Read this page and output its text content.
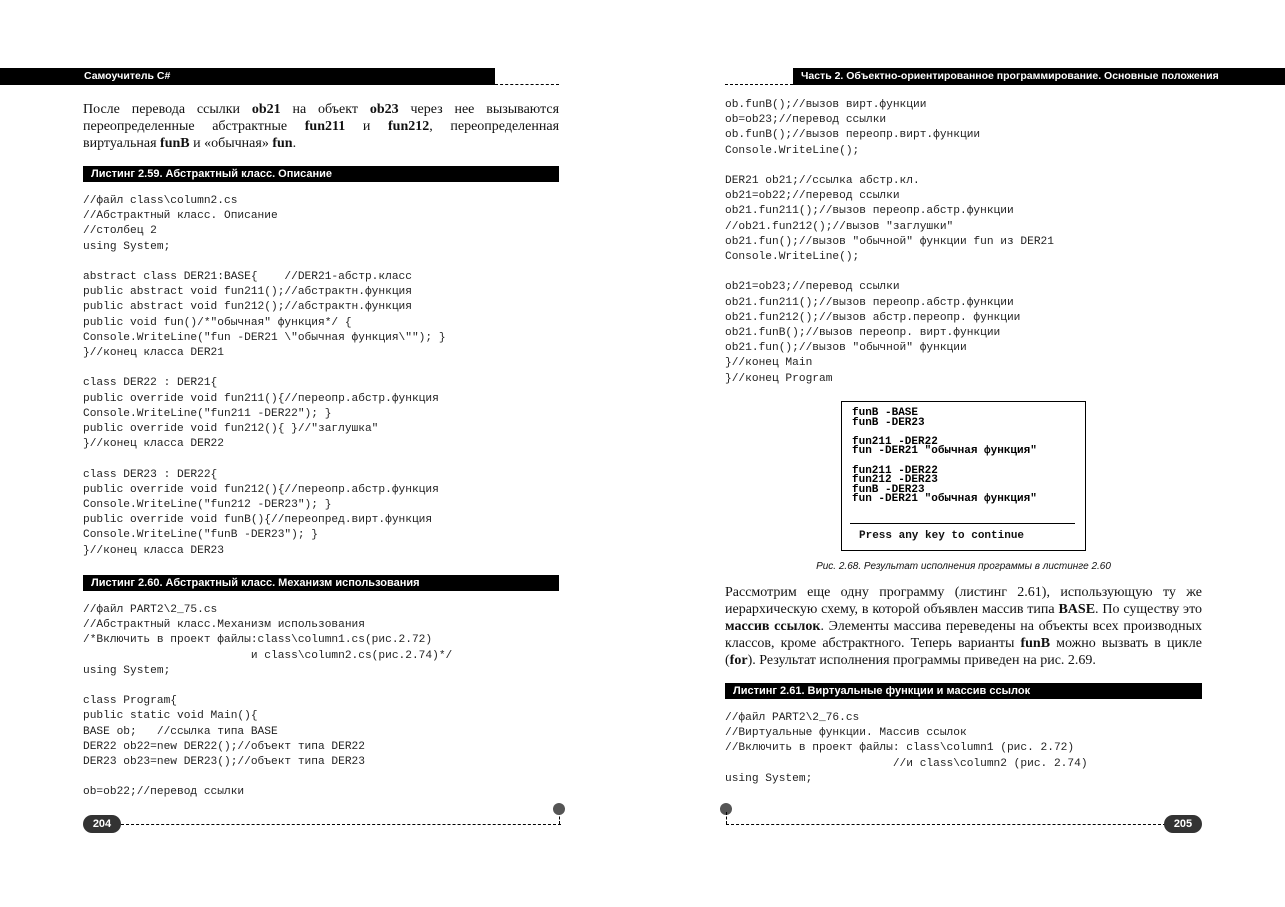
Самоучитель C#
После перевода ссылки ob21 на объект ob23 через нее вызываются переопределенные абстрактные fun211 и fun212, переопределенная виртуальная funB и «обычная» fun.
Листинг 2.59. Абстрактный класс. Описание
//файл class\column2.cs
//Абстрактный класс. Описание
//столбец 2
using System;

abstract class DER21:BASE{    //DER21-абстр.класс
public abstract void fun211();//абстрактн.функция
public abstract void fun212();//абстрактн.функция
public void fun()/*"обычная" функция*/ {
Console.WriteLine("fun -DER21 \"обычная функция\""); }
}//конец класса DER21

class DER22 : DER21{
public override void fun211(){//переопр.абстр.функция
Console.WriteLine("fun211 -DER22"); }
public override void fun212(){ }//"заглушка"
}//конец класса DER22

class DER23 : DER22{
public override void fun212(){//переопр.абстр.функция
Console.WriteLine("fun212 -DER23"); }
public override void funB(){//переопред.вирт.функция
Console.WriteLine("funB -DER23"); }
}//конец класса DER23
Листинг 2.60. Абстрактный класс. Механизм использования
//файл PART2\2_75.cs
//Абстрактный класс.Механизм использования
/*Включить в проект файлы:class\column1.cs(рис.2.72)
и class\column2.cs(рис.2.74)*/
using System;

class Program{
public static void Main(){
BASE ob;   //ссылка типа BASE
DER22 ob22=new DER22();//объект типа DER22
DER23 ob23=new DER23();//объект типа DER23

ob=ob22;//перевод ссылки
204
Часть 2. Объектно-ориентированное программирование. Основные положения
ob.funB();//вызов вирт.функции
ob=ob23;//перевод ссылки
ob.funB();//вызов переопр.вирт.функции
Console.WriteLine();

DER21 ob21;//ссылка абстр.кл.
ob21=ob22;//перевод ссылки
ob21.fun211();//вызов переопр.абстр.функции
//ob21.fun212();//вызов "заглушки"
ob21.fun();//вызов "обычной" функции fun из DER21
Console.WriteLine();

ob21=ob23;//перевод ссылки
ob21.fun211();//вызов переопр.абстр.функции
ob21.fun212();//вызов абстр.переопр. функции
ob21.funB();//вызов переопр. вирт.функции
ob21.fun();//вызов "обычной" функции
}//конец Main
}//конец Program
funB -BASE
funB -DER23

fun211 -DER22
fun -DER21 "обычная функция"

fun211 -DER22
fun212 -DER23
funB -DER23
fun -DER21 "обычная функция"
Press any key to continue
Рис. 2.68. Результат исполнения программы в листинге 2.60
Рассмотрим еще одну программу (листинг 2.61), использующую ту же иерархическую схему, в которой объявлен массив типа BASE. По существу это массив ссылок. Элементы массива переведены на объекты всех производных классов, кроме абстрактного. Теперь варианты funB можно вызвать в цикле (for). Результат исполнения программы приведен на рис. 2.69.
Листинг 2.61. Виртуальные функции и массив ссылок
//файл PART2\2_76.cs
//Виртуальные функции. Массив ссылок
//Включить в проект файлы: class\column1 (рис. 2.72)
//и class\column2 (рис. 2.74)
using System;
205
